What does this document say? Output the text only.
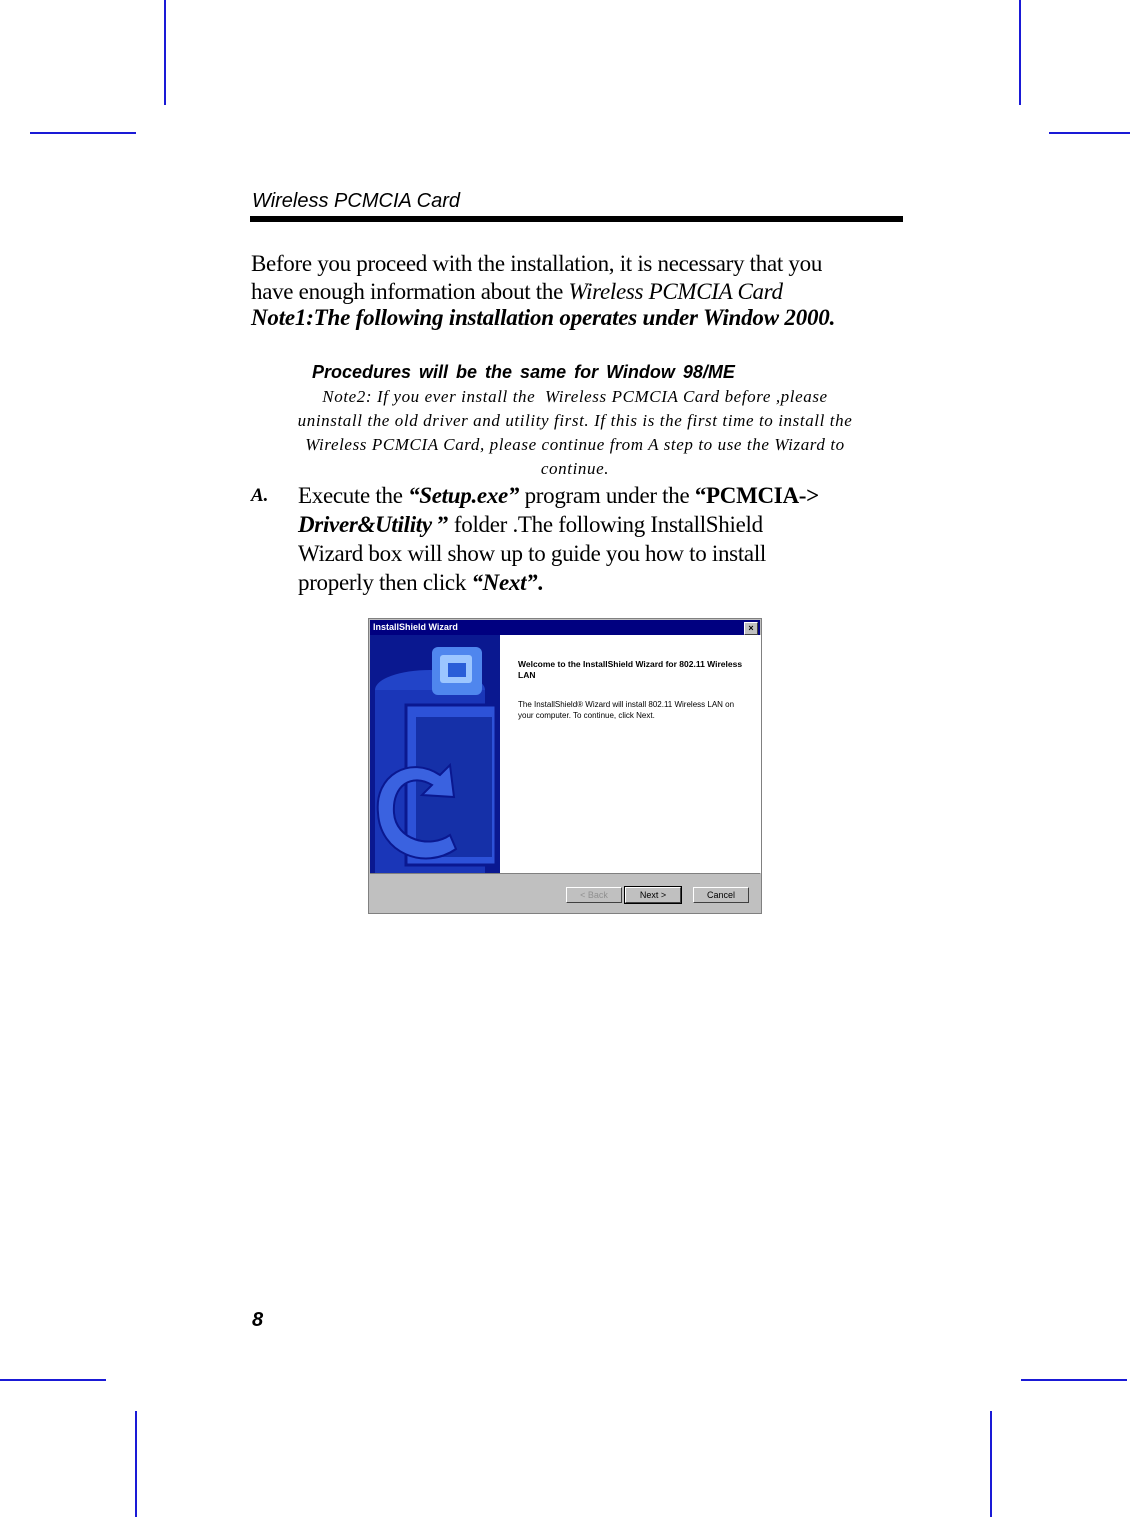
Wireless PCMCIA Card
Before you proceed with the installation, it is necessary that you
have enough information about the Wireless PCMCIA Card
Note1:The following installation operates under Window 2000.
Procedures will be the same for Window 98/ME
Note2: If you ever install the  Wireless PCMCIA Card before ,please
uninstall the old driver and utility first. If this is the first time to install the
Wireless PCMCIA Card, please continue from A step to use the Wizard to
continue.
A. Execute the “Setup.exe” program under the “PCMCIA->
Driver&Utility ” folder .The following InstallShield
Wizard box will show up to guide you how to install
properly then click “Next”.
InstallShield Wizard	×
Welcome to the InstallShield Wizard for 802.11 Wireless LAN
The InstallShield® Wizard will install 802.11 Wireless LAN on your computer. To continue, click Next.
< Back	Next >	Cancel
8
